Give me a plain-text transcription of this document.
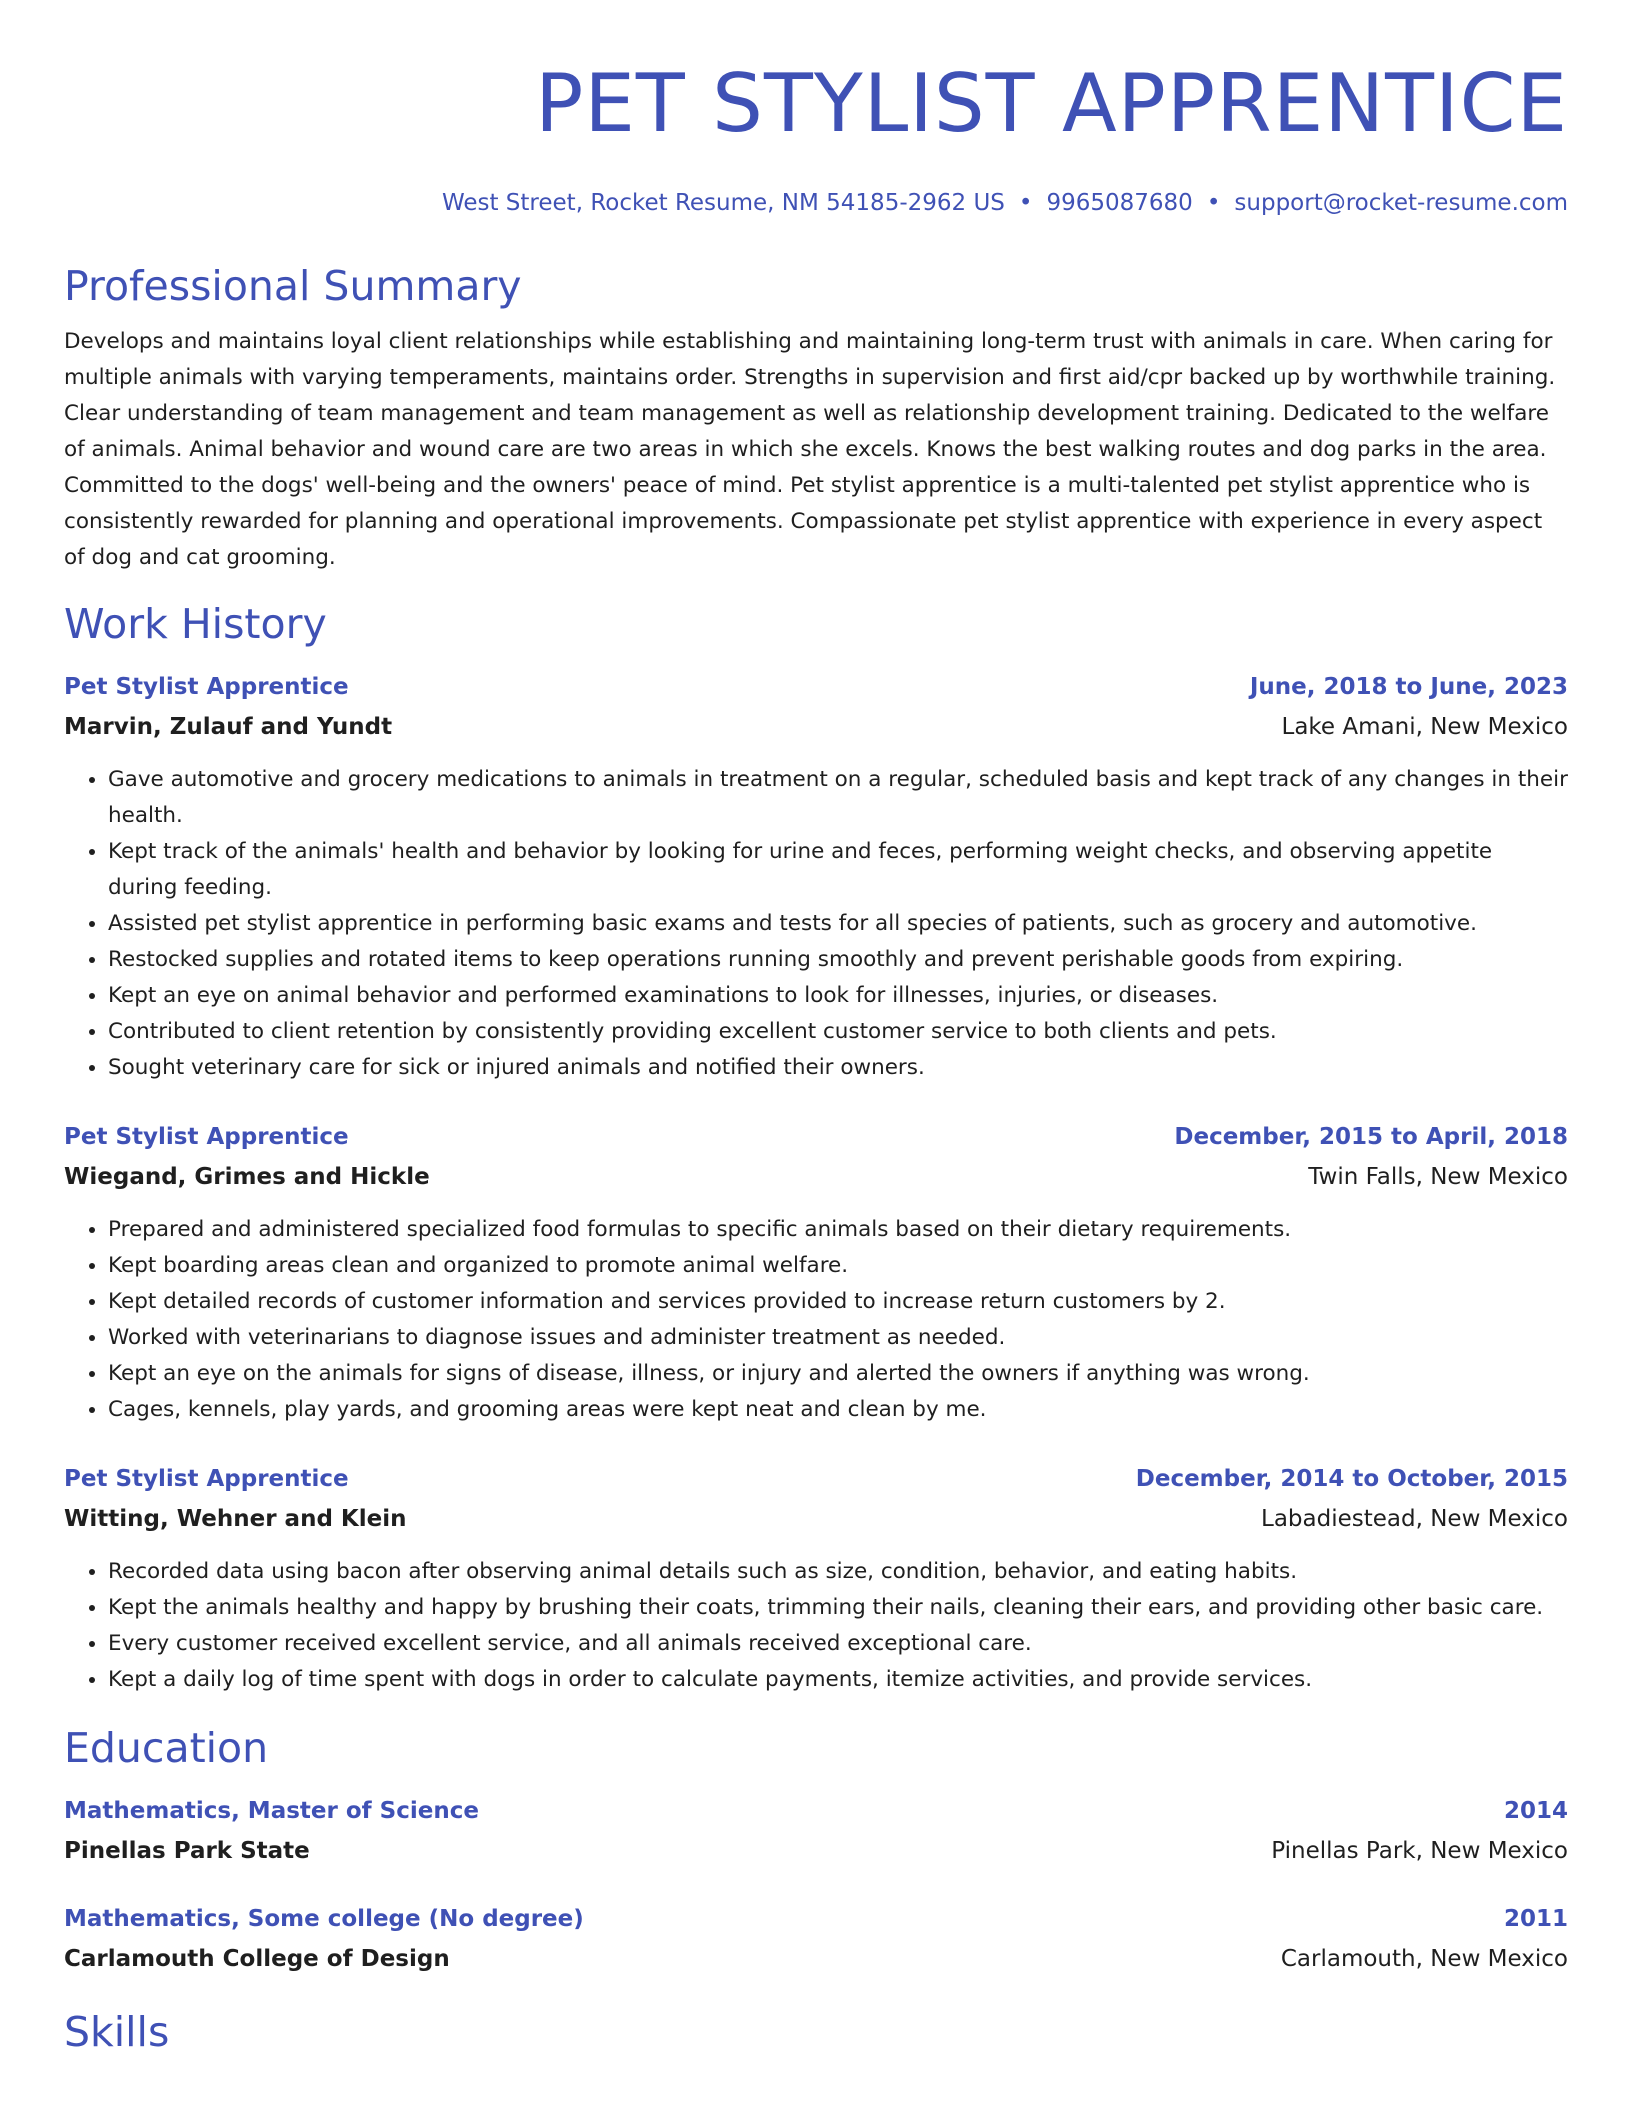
PET STYLIST APPRENTICE
West Street, Rocket Resume, NM 54185-2962 US • 9965087680 • support@rocket-resume.com
Professional Summary
Develops and maintains loyal client relationships while establishing and maintaining long-term trust with animals in care. When caring for multiple animals with varying temperaments, maintains order. Strengths in supervision and first aid/cpr backed up by worthwhile training. Clear understanding of team management and team management as well as relationship development training. Dedicated to the welfare of animals. Animal behavior and wound care are two areas in which she excels. Knows the best walking routes and dog parks in the area. Committed to the dogs' well-being and the owners' peace of mind. Pet stylist apprentice is a multi-talented pet stylist apprentice who is consistently rewarded for planning and operational improvements. Compassionate pet stylist apprentice with experience in every aspect of dog and cat grooming.
Work History
Pet Stylist Apprentice	June, 2018 to June, 2023
Marvin, Zulauf and Yundt	Lake Amani, New Mexico
• Gave automotive and grocery medications to animals in treatment on a regular, scheduled basis and kept track of any changes in their health.
• Kept track of the animals' health and behavior by looking for urine and feces, performing weight checks, and observing appetite during feeding.
• Assisted pet stylist apprentice in performing basic exams and tests for all species of patients, such as grocery and automotive.
• Restocked supplies and rotated items to keep operations running smoothly and prevent perishable goods from expiring.
• Kept an eye on animal behavior and performed examinations to look for illnesses, injuries, or diseases.
• Contributed to client retention by consistently providing excellent customer service to both clients and pets.
• Sought veterinary care for sick or injured animals and notified their owners.
Pet Stylist Apprentice	December, 2015 to April, 2018
Wiegand, Grimes and Hickle	Twin Falls, New Mexico
• Prepared and administered specialized food formulas to specific animals based on their dietary requirements.
• Kept boarding areas clean and organized to promote animal welfare.
• Kept detailed records of customer information and services provided to increase return customers by 2.
• Worked with veterinarians to diagnose issues and administer treatment as needed.
• Kept an eye on the animals for signs of disease, illness, or injury and alerted the owners if anything was wrong.
• Cages, kennels, play yards, and grooming areas were kept neat and clean by me.
Pet Stylist Apprentice	December, 2014 to October, 2015
Witting, Wehner and Klein	Labadiestead, New Mexico
• Recorded data using bacon after observing animal details such as size, condition, behavior, and eating habits.
• Kept the animals healthy and happy by brushing their coats, trimming their nails, cleaning their ears, and providing other basic care.
• Every customer received excellent service, and all animals received exceptional care.
• Kept a daily log of time spent with dogs in order to calculate payments, itemize activities, and provide services.
Education
Mathematics, Master of Science	2014
Pinellas Park State	Pinellas Park, New Mexico
Mathematics, Some college (No degree)	2011
Carlamouth College of Design	Carlamouth, New Mexico
Skills
